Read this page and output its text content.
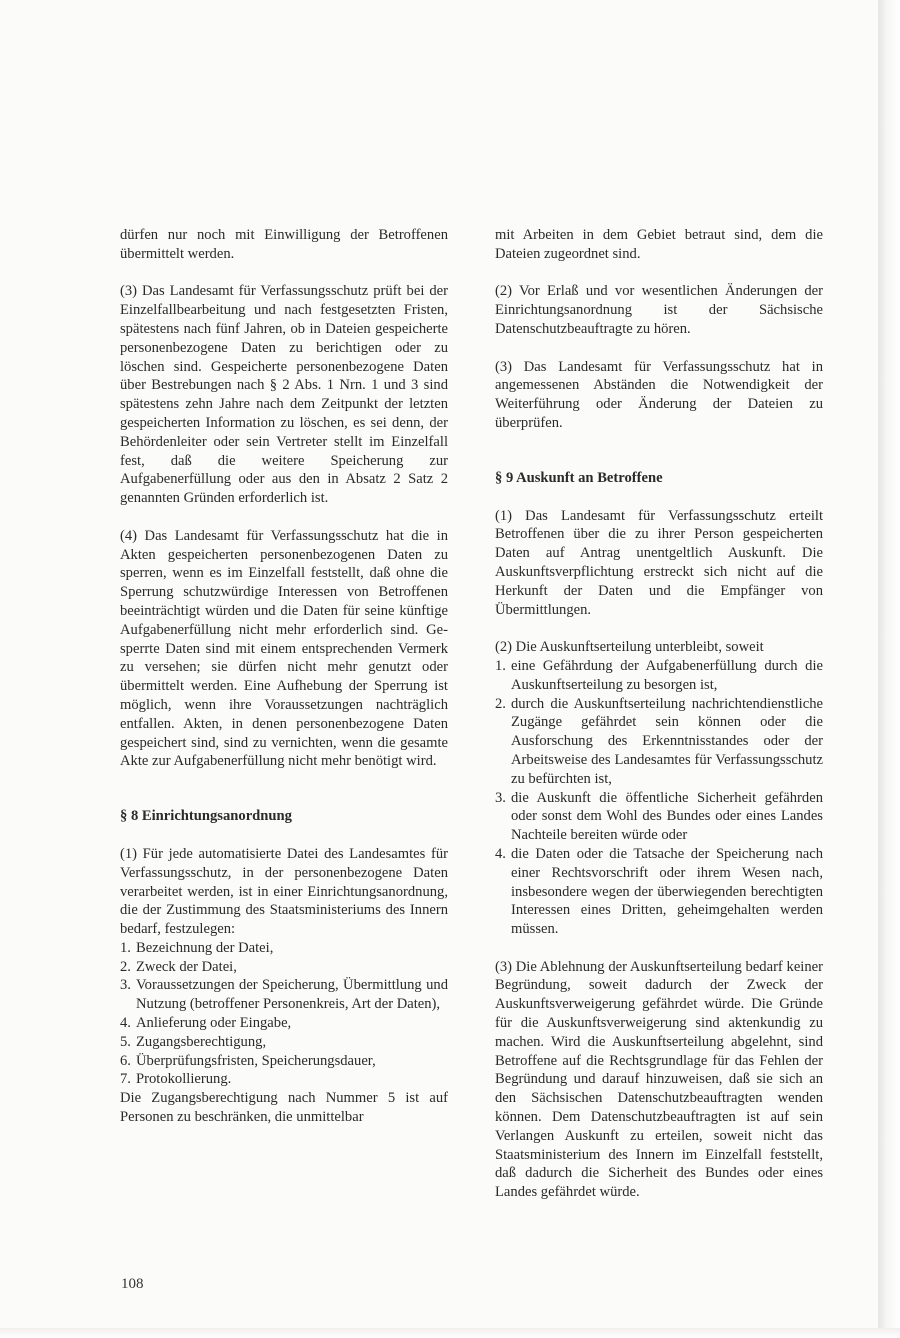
dürfen nur noch mit Einwilligung der Betroffenen übermittelt werden.

(3) Das Landesamt für Verfassungsschutz prüft bei der Einzelfallbearbeitung und nach festgesetzten Fristen, spätestens nach fünf Jahren, ob in Dateien gespeicherte personenbezogene Daten zu berichtigen oder zu löschen sind. Gespeicherte personenbezogene Daten über Bestrebungen nach § 2 Abs. 1 Nrn. 1 und 3 sind spätestens zehn Jahre nach dem Zeitpunkt der letzten gespeicherten Information zu löschen, es sei denn, der Behördenleiter oder sein Vertreter stellt im Einzelfall fest, daß die weitere Speicherung zur Aufgabenerfüllung oder aus den in Absatz 2 Satz 2 genannten Gründen erforderlich ist.

(4) Das Landesamt für Verfassungsschutz hat die in Akten gespeicherten personenbezogenen Daten zu sperren, wenn es im Einzelfall feststellt, daß ohne die Sperrung schutzwürdige Interessen von Betroffenen beeinträchtigt würden und die Daten für seine künftige Aufgabenerfüllung nicht mehr erforderlich sind. Gesperrte Daten sind mit einem entsprechenden Vermerk zu versehen; sie dürfen nicht mehr genutzt oder übermittelt werden. Eine Aufhebung der Sperrung ist möglich, wenn ihre Voraussetzungen nachträglich entfallen. Akten, in denen personenbezogene Daten gespeichert sind, sind zu vernichten, wenn die gesamte Akte zur Aufgabenerfüllung nicht mehr benötigt wird.

§ 8 Einrichtungsanordnung

(1) Für jede automatisierte Datei des Landesamtes für Verfassungsschutz, in der personenbezogene Daten verarbeitet werden, ist in einer Einrichtungsanordnung, die der Zustimmung des Staatsministeriums des Innern bedarf, festzulegen:

1. Bezeichnung der Datei,
2. Zweck der Datei,
3. Voraussetzungen der Speicherung, Übermittlung und Nutzung (betroffener Personenkreis, Art der Daten),
4. Anlieferung oder Eingabe,
5. Zugangsberechtigung,
6. Überprüfungsfristen, Speicherungsdauer,
7. Protokollierung.

Die Zugangsberechtigung nach Nummer 5 ist auf Personen zu beschränken, die unmittelbar

mit Arbeiten in dem Gebiet betraut sind, dem die Dateien zugeordnet sind.

(2) Vor Erlaß und vor wesentlichen Änderungen der Einrichtungsanordnung ist der Sächsische Datenschutzbeauftragte zu hören.

(3) Das Landesamt für Verfassungsschutz hat in angemessenen Abständen die Notwendigkeit der Weiterführung oder Änderung der Dateien zu überprüfen.

§ 9 Auskunft an Betroffene

(1) Das Landesamt für Verfassungsschutz erteilt Betroffenen über die zu ihrer Person gespeicherten Daten auf Antrag unentgeltlich Auskunft. Die Auskunftsverpflichtung erstreckt sich nicht auf die Herkunft der Daten und die Empfänger von Übermittlungen.

(2) Die Auskunftserteilung unterbleibt, soweit

1. eine Gefährdung der Aufgabenerfüllung durch die Auskunftserteilung zu besorgen ist,
2. durch die Auskunftserteilung nachrichtendienstliche Zugänge gefährdet sein können oder die Ausforschung des Erkenntnisstandes oder der Arbeitsweise des Landesamtes für Verfassungsschutz zu befürchten ist,
3. die Auskunft die öffentliche Sicherheit gefährden oder sonst dem Wohl des Bundes oder eines Landes Nachteile bereiten würde oder
4. die Daten oder die Tatsache der Speicherung nach einer Rechtsvorschrift oder ihrem Wesen nach, insbesondere wegen der überwiegenden berechtigten Interessen eines Dritten, geheimgehalten werden müssen.

(3) Die Ablehnung der Auskunftserteilung bedarf keiner Begründung, soweit dadurch der Zweck der Auskunftsverweigerung gefährdet würde. Die Gründe für die Auskunftsverweigerung sind aktenkundig zu machen. Wird die Auskunftserteilung abgelehnt, sind Betroffene auf die Rechtsgrundlage für das Fehlen der Begründung und darauf hinzuweisen, daß sie sich an den Sächsischen Datenschutzbeauftragten wenden können. Dem Datenschutzbeauftragten ist auf sein Verlangen Auskunft zu erteilen, soweit nicht das Staatsministerium des Innern im Einzelfall feststellt, daß dadurch die Sicherheit des Bundes oder eines Landes gefährdet würde.

108
